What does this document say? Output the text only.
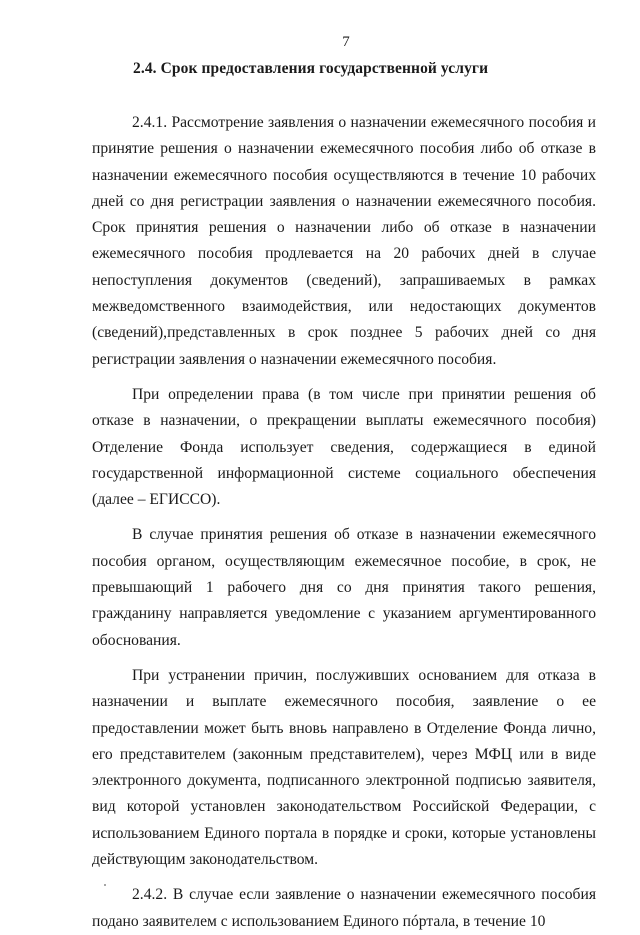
7
2.4. Срок предоставления государственной услуги

2.4.1. Рассмотрение заявления о назначении ежемесячного пособия и принятие решения о назначении ежемесячного пособия либо об отказе в назначении ежемесячного пособия осуществляются в течение 10 рабочих дней со дня регистрации заявления о назначении ежемесячного пособия. Срок принятия решения о назначении либо об отказе в назначении ежемесячного пособия продлевается на 20 рабочих дней в случае непоступления документов (сведений), запрашиваемых в рамках межведомственного взаимодействия, или недостающих документов (сведений),представленных в срок позднее 5 рабочих дней со дня регистрации заявления о назначении ежемесячного пособия.

При определении права (в том числе при принятии решения об отказе в назначении, о прекращении выплаты ежемесячного пособия) Отделение Фонда использует сведения, содержащиеся в единой государственной информационной системе социального обеспечения (далее – ЕГИССО).

В случае принятия решения об отказе в назначении ежемесячного пособия органом, осуществляющим ежемесячное пособие, в срок, не превышающий 1 рабочего дня со дня принятия такого решения, гражданину направляется уведомление с указанием аргументированного обоснования.

При устранении причин, послуживших основанием для отказа в назначении и выплате ежемесячного пособия, заявление о ее предоставлении может быть вновь направлено в Отделение Фонда лично, его представителем (законным представителем), через МФЦ или в виде электронного документа, подписанного электронной подписью заявителя, вид которой установлен законодательством Российской Федерации, с использованием Единого портала в порядке и сроки, которые установлены действующим законодательством.

2.4.2. В случае если заявление о назначении ежемесячного пособия подано заявителем с использованием Единого пóртала, в течение 10
